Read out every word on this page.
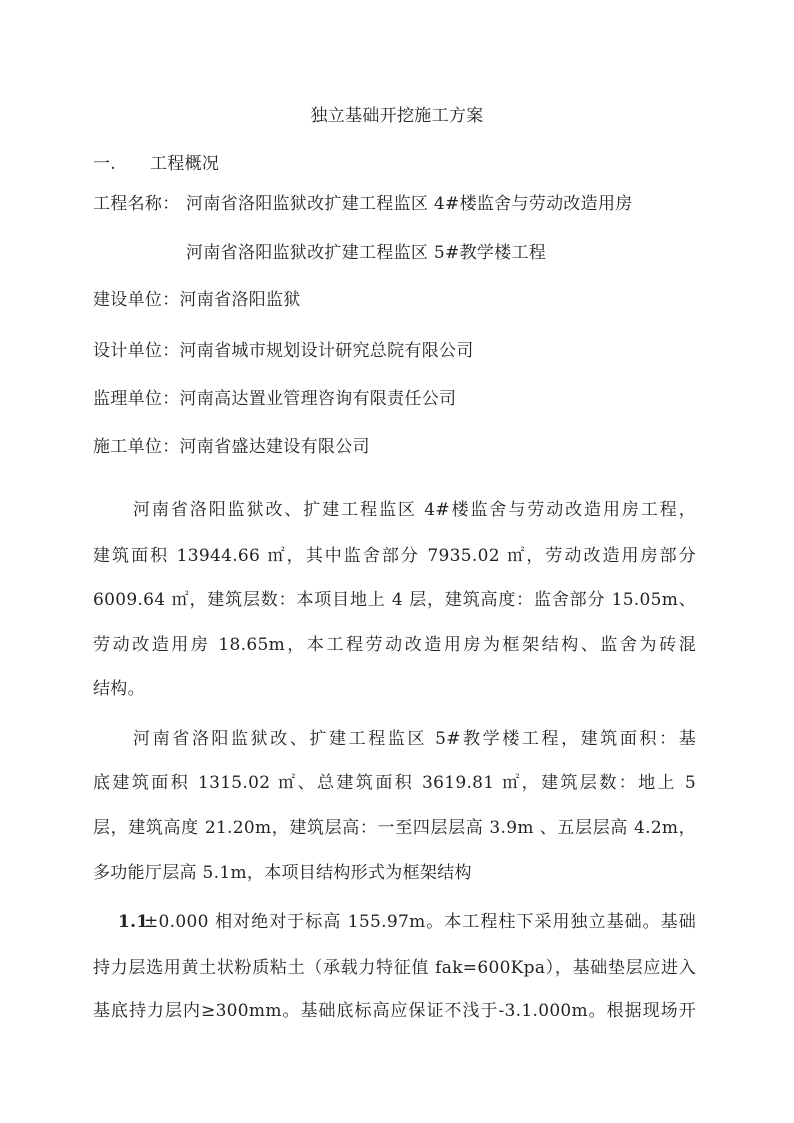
独立基础开挖施工方案
一. 工程概况
工程名称： 河南省洛阳监狱改扩建工程监区 4#楼监舍与劳动改造用房
河南省洛阳监狱改扩建工程监区 5#教学楼工程
建设单位：河南省洛阳监狱
设计单位：河南省城市规划设计研究总院有限公司
监理单位：河南高达置业管理咨询有限责任公司
施工单位：河南省盛达建设有限公司
河南省洛阳监狱改、扩建工程监区 4#楼监舍与劳动改造用房工程，
建筑面积 13944.66 ㎡，其中监舍部分 7935.02 ㎡，劳动改造用房部分
6009.64 ㎡，建筑层数：本项目地上 4 层，建筑高度：监舍部分 15.05m、
劳动改造用房 18.65m，本工程劳动改造用房为框架结构、监舍为砖混
结构。
河南省洛阳监狱改、扩建工程监区 5#教学楼工程，建筑面积：基
底建筑面积 1315.02 ㎡、总建筑面积 3619.81 ㎡，建筑层数：地上 5
层，建筑高度 21.20m，建筑层高：一至四层层高 3.9m 、五层层高 4.2m，
多功能厅层高 5.1m，本项目结构形式为框架结构
1.1
±0.000 相对绝对于标高 155.97m。本工程柱下采用独立基础。基础
持力层选用黄土状粉质粘土（承载力特征值 fak=600Kpa），基础垫层应进入
基底持力层内≥300mm。基础底标高应保证不浅于-3.1.000m。根据现场开
